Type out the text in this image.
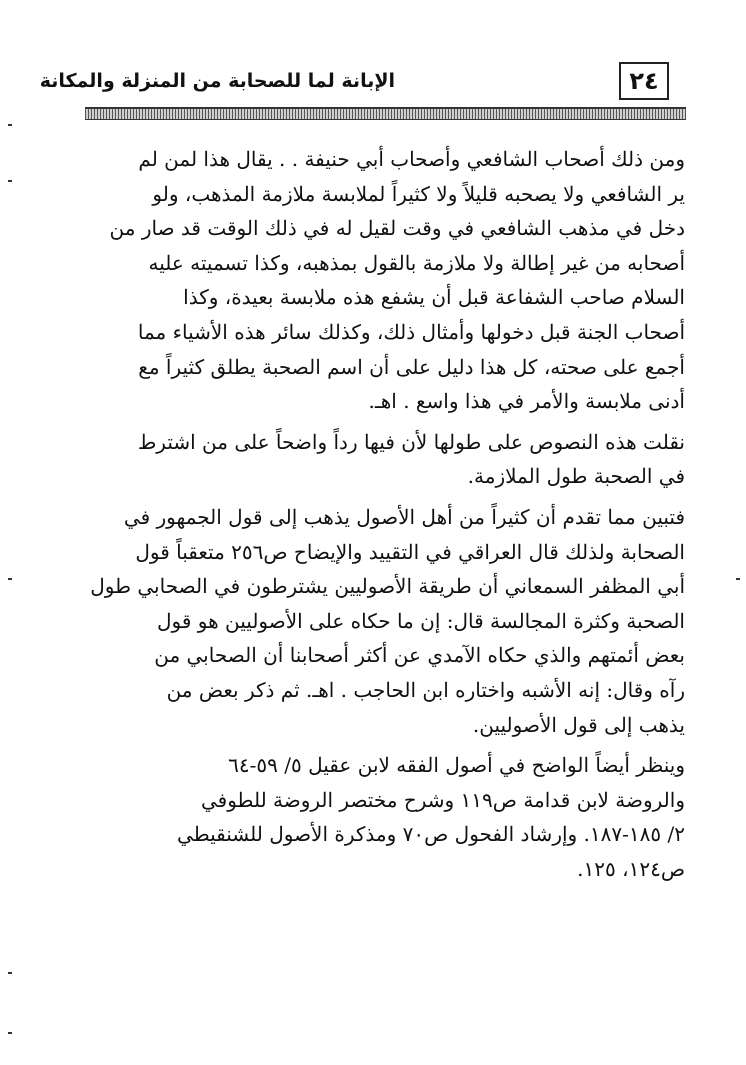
٢٤
الإبانة لما للصحابة من المنزلة والمكانة

ومن ذلك أصحاب الشافعي وأصحاب أبي حنيفة . . يقال هذا لمن لم
ير الشافعي ولا يصحبه قليلاً ولا كثيراً لملابسة ملازمة المذهب، ولو
دخل في مذهب الشافعي في وقت لقيل له في ذلك الوقت قد صار من
أصحابه من غير إطالة ولا ملازمة بالقول بمذهبه، وكذا تسميته عليه
السلام صاحب الشفاعة قبل أن يشفع هذه ملابسة بعيدة، وكذا
أصحاب الجنة قبل دخولها وأمثال ذلك، وكذلك سائر هذه الأشياء مما
أجمع على صحته، كل هذا دليل على أن اسم الصحبة يطلق كثيراً مع
أدنى ملابسة والأمر في هذا واسع . اهـ.

نقلت هذه النصوص على طولها لأن فيها رداً واضحاً على من اشترط
في الصحبة طول الملازمة.

فتبين مما تقدم أن كثيراً من أهل الأصول يذهب إلى قول الجمهور في
الصحابة ولذلك قال العراقي في التقييد والإيضاح ص٢٥٦ متعقباً قول
أبي المظفر السمعاني أن طريقة الأصوليين يشترطون في الصحابي طول
الصحبة وكثرة المجالسة قال: إن ما حكاه على الأصوليين هو قول
بعض أئمتهم والذي حكاه الآمدي عن أكثر أصحابنا أن الصحابي من
رآه وقال: إنه الأشبه واختاره ابن الحاجب . اهـ. ثم ذكر بعض من
يذهب إلى قول الأصوليين.

وينظر أيضاً الواضح في أصول الفقه لابن عقيل ٥/ ٥٩-٦٤
والروضة لابن قدامة ص١١٩ وشرح مختصر الروضة للطوفي
٢/ ١٨٥-١٨٧. وإرشاد الفحول ص٧٠ ومذكرة الأصول للشنقيطي
ص١٢٤، ١٢٥.
